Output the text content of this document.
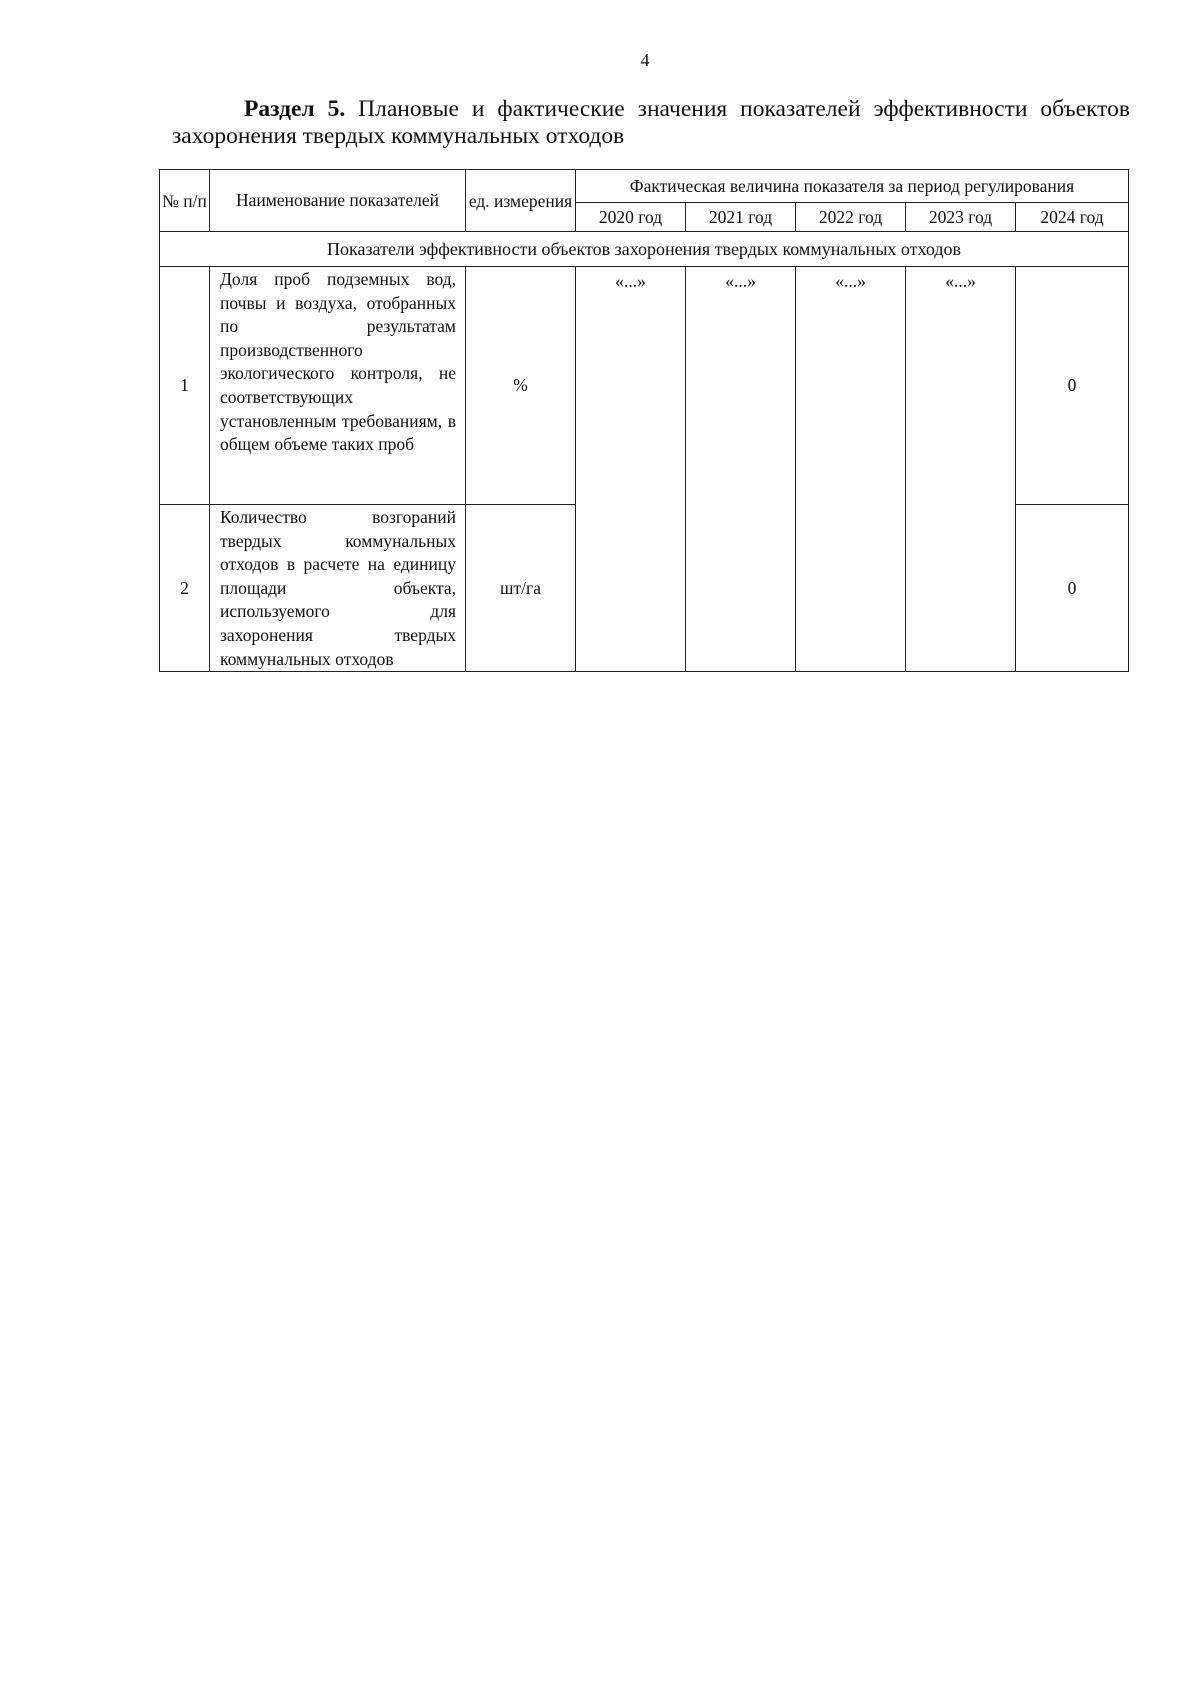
4
Раздел 5. Плановые и фактические значения показателей эффективности объектов захоронения твердых коммунальных отходов
№ п/п	Наименование показателей	ед. измерения	Фактическая величина показателя за период регулирования				
			2020 год	2021 год	2022 год	2023 год	2024 год
Показатели эффективности объектов захоронения твердых коммунальных отходов							
1	Доля проб подземных вод, почвы и воздуха, отобранных по результатам производственного экологического контроля, не соответствующих установленным требованиям, в общем объеме таких проб	%	«...»	«...»	«...»	«...»	0
2	Количество возгораний твердых коммунальных отходов в расчете на единицу площади объекта, используемого для захоронения твердых коммунальных отходов	шт/га					0
